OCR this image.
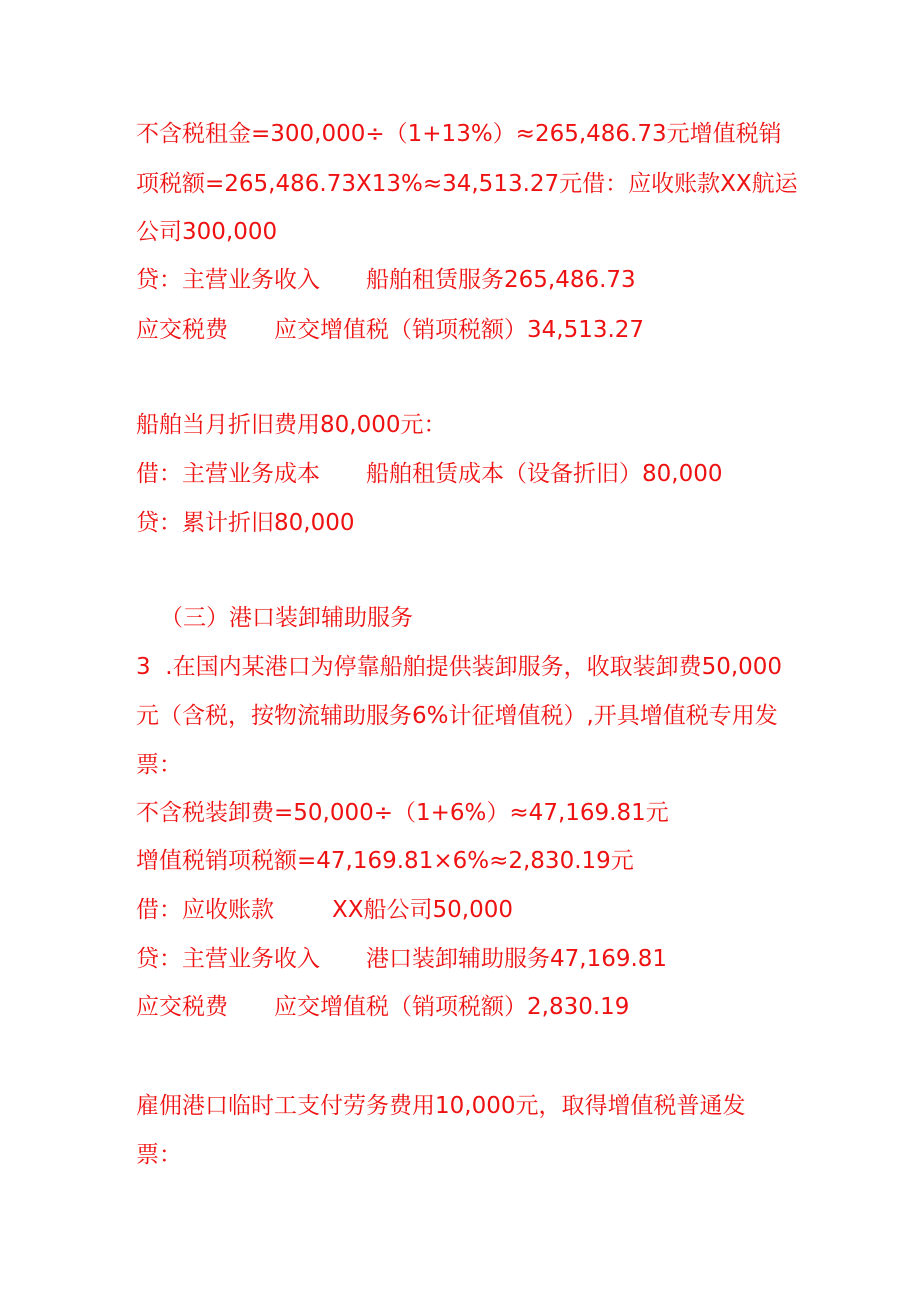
不含税租金=300,000÷（1+13%）≈265,486.73元增值税销
项税额=265,486.73X13%≈34,513.27元借：应收账款XX航运
公司300,000
贷：主营业务收入 船舶租赁服务265,486.73
应交税费 应交增值税（销项税额）34,513.27
船舶当月折旧费用80,000元：
借：主营业务成本 船舶租赁成本（设备折旧）80,000
贷：累计折旧80,000
（三）港口装卸辅助服务
3  .在国内某港口为停靠船舶提供装卸服务，收取装卸费50,000
元（含税，按物流辅助服务6%计征增值税）,开具增值税专用发
票：
不含税装卸费=50,000÷（1+6%）≈47,169.81元
增值税销项税额=47,169.81×6%≈2,830.19元
借：应收账款	XX船公司50,000
贷：主营业务收入 港口装卸辅助服务47,169.81
应交税费 应交增值税（销项税额）2,830.19
雇佣港口临时工支付劳务费用10,000元，取得增值税普通发
票：
